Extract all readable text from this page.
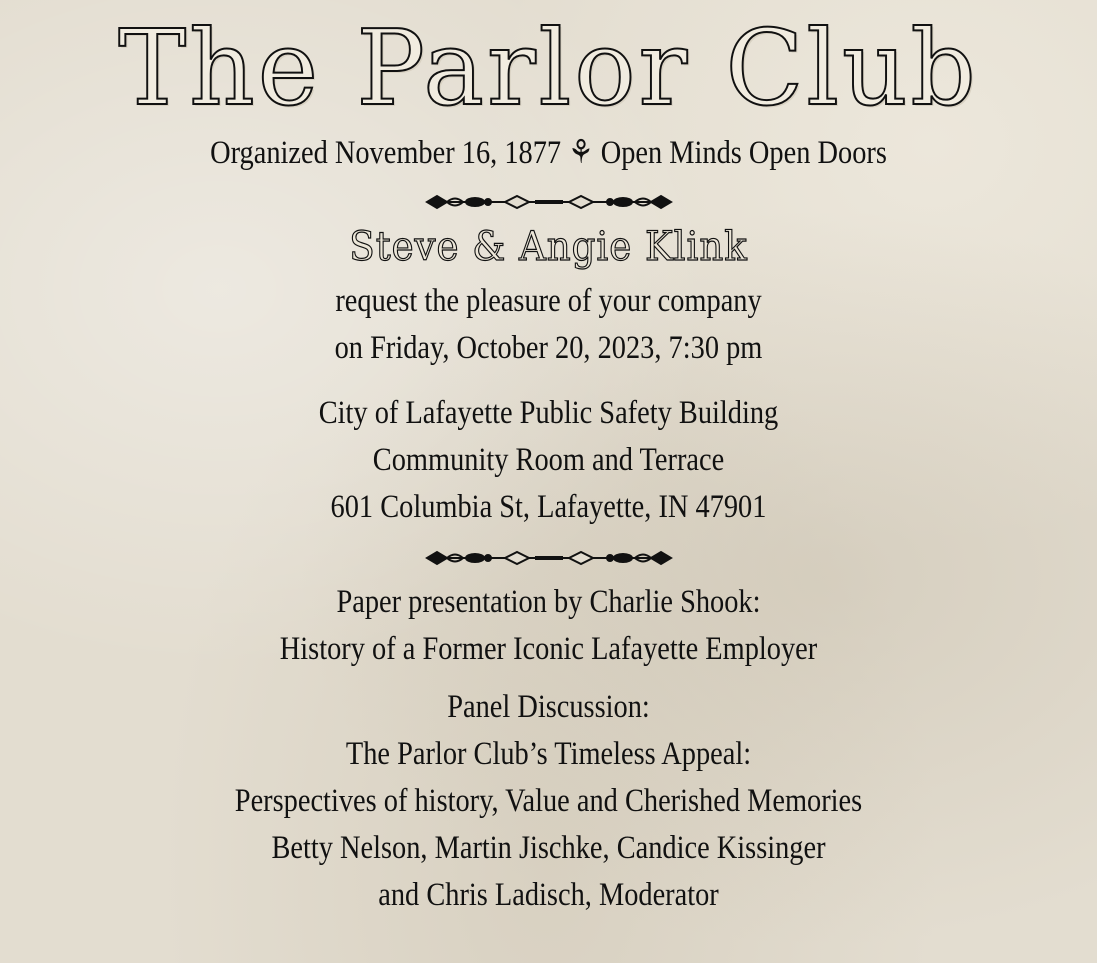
The Parlor Club
Organized November 16, 1877 ⚘ Open Minds Open Doors
Steve & Angie Klink
request the pleasure of your company
on Friday, October 20, 2023, 7:30 pm
City of Lafayette Public Safety Building
Community Room and Terrace
601 Columbia St, Lafayette, IN 47901
Paper presentation by Charlie Shook:
History of a Former Iconic Lafayette Employer
Panel Discussion:
The Parlor Club’s Timeless Appeal:
Perspectives of history, Value and Cherished Memories
Betty Nelson, Martin Jischke, Candice Kissinger
and Chris Ladisch, Moderator
